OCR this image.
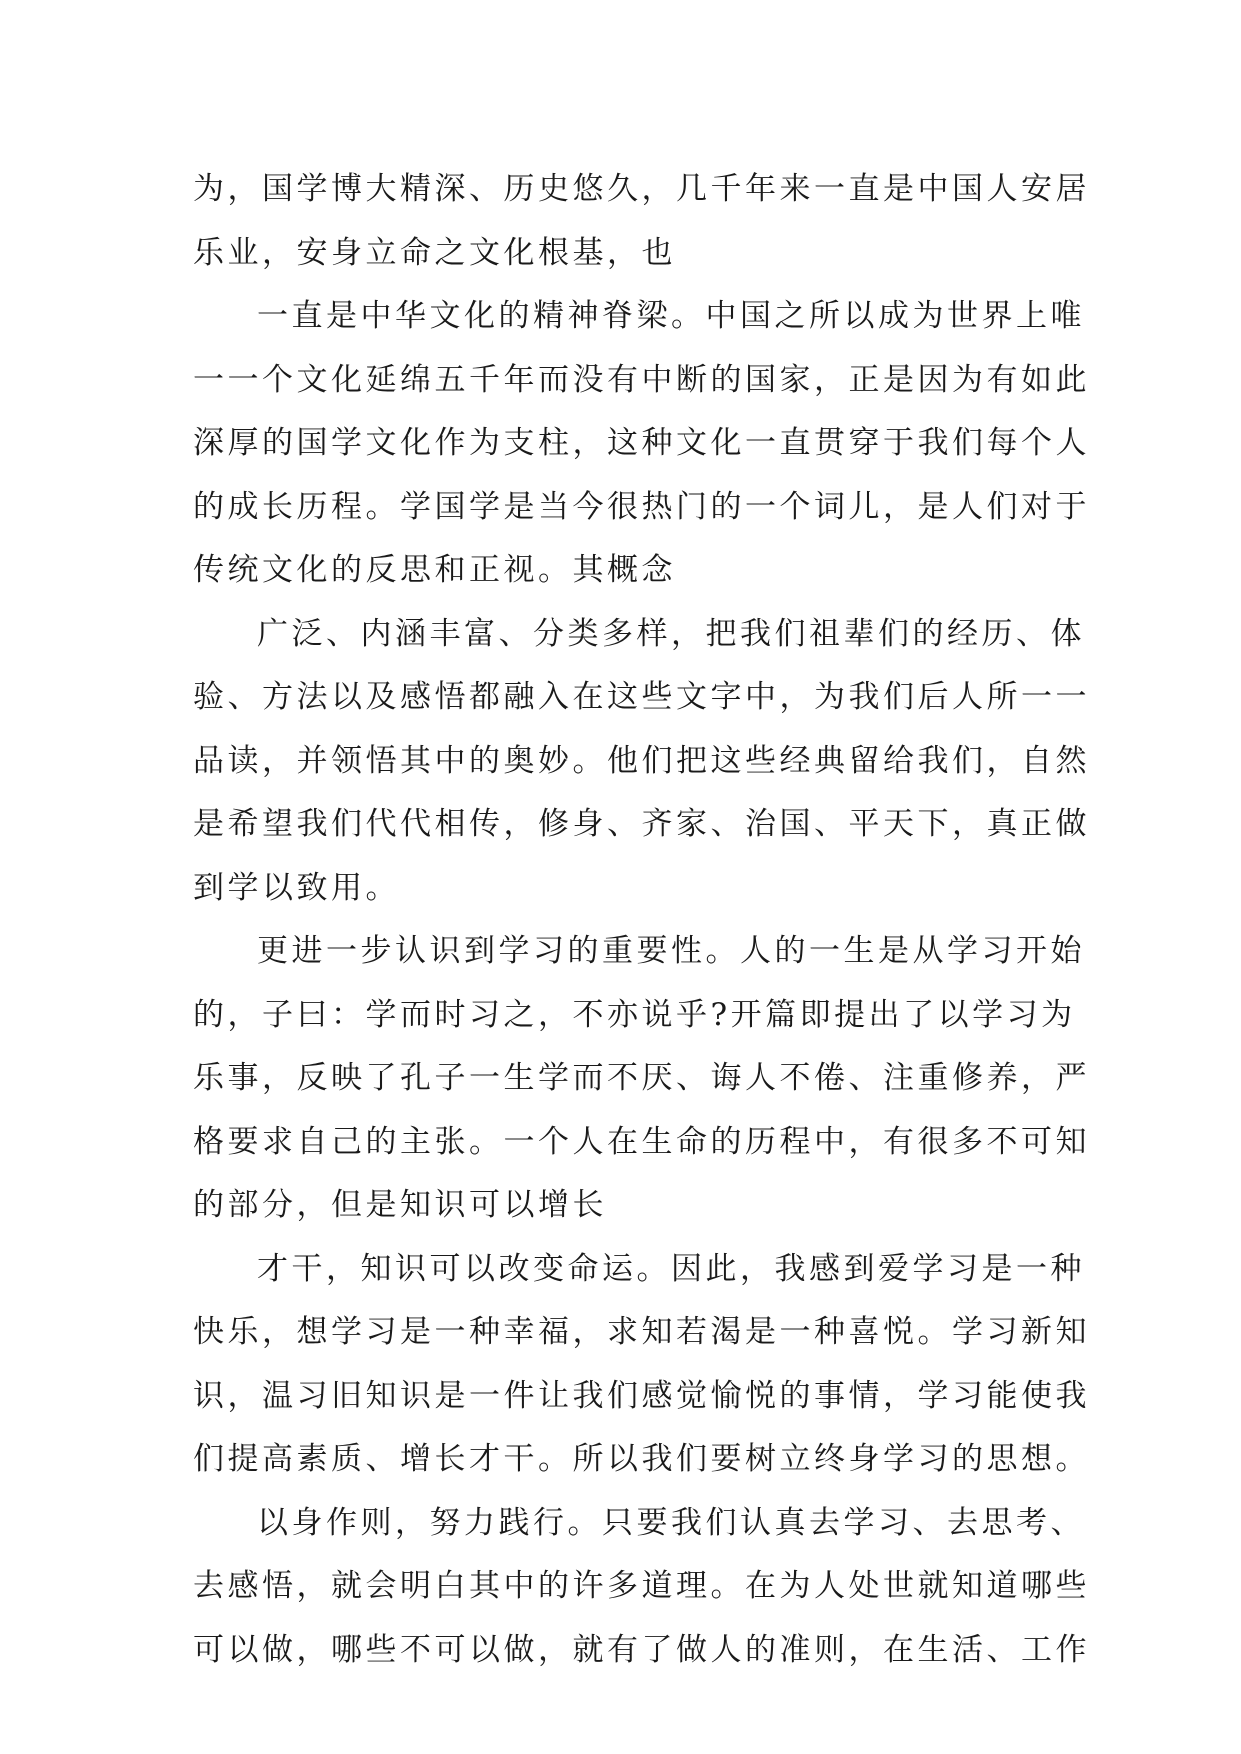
为，国学博大精深、历史悠久，几千年来一直是中国人安居
乐业，安身立命之文化根基，也
一直是中华文化的精神脊梁。中国之所以成为世界上唯
一一个文化延绵五千年而没有中断的国家，正是因为有如此
深厚的国学文化作为支柱，这种文化一直贯穿于我们每个人
的成长历程。学国学是当今很热门的一个词儿，是人们对于
传统文化的反思和正视。其概念
广泛、内涵丰富、分类多样，把我们祖辈们的经历、体
验、方法以及感悟都融入在这些文字中，为我们后人所一一
品读，并领悟其中的奥妙。他们把这些经典留给我们，自然
是希望我们代代相传，修身、齐家、治国、平天下，真正做
到学以致用。
更进一步认识到学习的重要性。人的一生是从学习开始
的，子曰：学而时习之，不亦说乎?开篇即提出了以学习为
乐事，反映了孔子一生学而不厌、诲人不倦、注重修养，严
格要求自己的主张。一个人在生命的历程中，有很多不可知
的部分，但是知识可以增长
才干，知识可以改变命运。因此，我感到爱学习是一种
快乐，想学习是一种幸福，求知若渴是一种喜悦。学习新知
识，温习旧知识是一件让我们感觉愉悦的事情，学习能使我
们提高素质、增长才干。所以我们要树立终身学习的思想。
以身作则，努力践行。只要我们认真去学习、去思考、
去感悟，就会明白其中的许多道理。在为人处世就知道哪些
可以做，哪些不可以做，就有了做人的准则，在生活、工作
